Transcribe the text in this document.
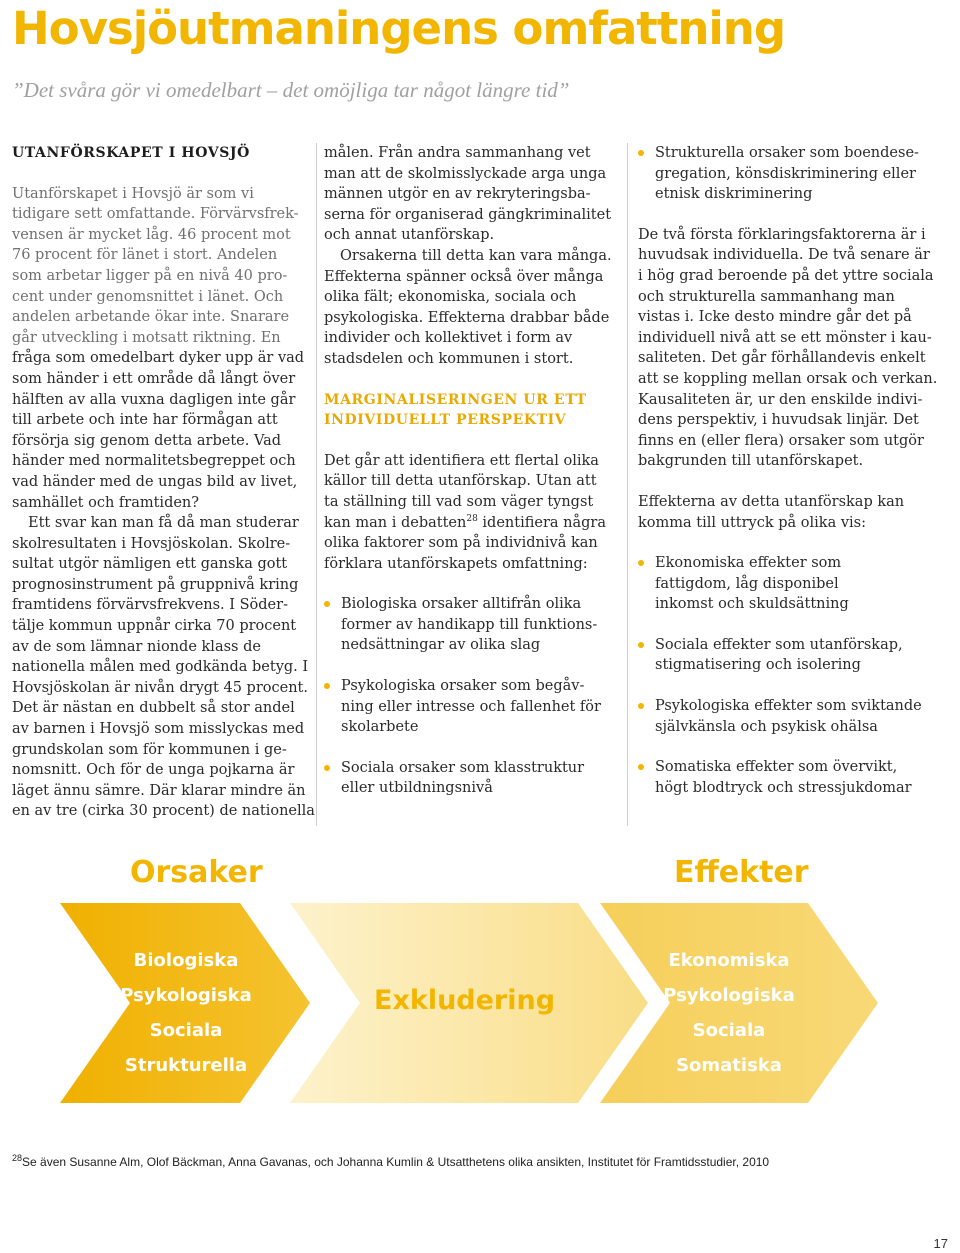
Hovsjöutmaningens omfattning
”Det svåra gör vi omedelbart – det omöjliga tar något längre tid”
UTANFÖRSKAPET I HOVSJÖ
Utanförskapet i Hovsjö är som vi
tidigare sett omfattande. Förvärvsfrek-
vensen är mycket låg. 46 procent mot
76 procent för länet i stort. Andelen
som arbetar ligger på en nivå 40 pro-
cent under genomsnittet i länet. Och
andelen arbetande ökar inte. Snarare
går utveckling i motsatt riktning. En
fråga som omedelbart dyker upp är vad
som händer i ett område då långt över
hälften av alla vuxna dagligen inte går
till arbete och inte har förmågan att
försörja sig genom detta arbete. Vad
händer med normalitetsbegreppet och
vad händer med de ungas bild av livet,
samhället och framtiden?
Ett svar kan man få då man studerar
skolresultaten i Hovsjöskolan. Skolre-
sultat utgör nämligen ett ganska gott
prognosinstrument på gruppnivå kring
framtidens förvärvsfrekvens. I Söder-
tälje kommun uppnår cirka 70 procent
av de som lämnar nionde klass de
nationella målen med godkända betyg. I
Hovsjöskolan är nivån drygt 45 procent.
Det är nästan en dubbelt så stor andel
av barnen i Hovsjö som misslyckas med
grundskolan som för kommunen i ge-
nomsnitt. Och för de unga pojkarna är
läget ännu sämre. Där klarar mindre än
en av tre (cirka 30 procent) de nationella
målen. Från andra sammanhang vet
man att de skolmisslyckade arga unga
männen utgör en av rekryteringsba-
serna för organiserad gängkriminalitet
och annat utanförskap.
Orsakerna till detta kan vara många.
Effekterna spänner också över många
olika fält; ekonomiska, sociala och
psykologiska. Effekterna drabbar både
individer och kollektivet i form av
stadsdelen och kommunen i stort.
MARGINALISERINGEN UR ETT
INDIVIDUELLT PERSPEKTIV
Det går att identifiera ett flertal olika
källor till detta utanförskap. Utan att
ta ställning till vad som väger tyngst
kan man i debatten$^{28}$ identifiera några
olika faktorer som på individnivå kan
förklara utanförskapets omfattning:
Biologiska orsaker alltifrån olika
former av handikapp till funktions-
nedsättningar av olika slag
Psykologiska orsaker som begåv-
ning eller intresse och fallenhet för
skolarbete
Sociala orsaker som klasstruktur
eller utbildningsnivå
Strukturella orsaker som boendese-
gregation, könsdiskriminering eller
etnisk diskriminering
De två första förklaringsfaktorerna är i
huvudsak individuella. De två senare är
i hög grad beroende på det yttre sociala
och strukturella sammanhang man
vistas i. Icke desto mindre går det på
individuell nivå att se ett mönster i kau-
saliteten. Det går förhållandevis enkelt
att se koppling mellan orsak och verkan.
Kausaliteten är, ur den enskilde indivi-
dens perspektiv, i huvudsak linjär. Det
finns en (eller flera) orsaker som utgör
bakgrunden till utanförskapet.
Effekterna av detta utanförskap kan
komma till uttryck på olika vis:
Ekonomiska effekter som
fattigdom, låg disponibel
inkomst och skuldsättning
Sociala effekter som utanförskap,
stigmatisering och isolering
Psykologiska effekter som sviktande
självkänsla och psykisk ohälsa
Somatiska effekter som övervikt,
högt blodtryck och stressjukdomar
Orsaker	Effekter
Biologiska
Psykologiska
Sociala
Strukturella
Exkludering
Ekonomiska
Psykologiska
Sociala
Somatiska
$^{28}$Se även Susanne Alm, Olof Bäckman, Anna Gavanas, och Johanna Kumlin & Utsatthetens olika ansikten, Institutet för Framtidsstudier, 2010
17
